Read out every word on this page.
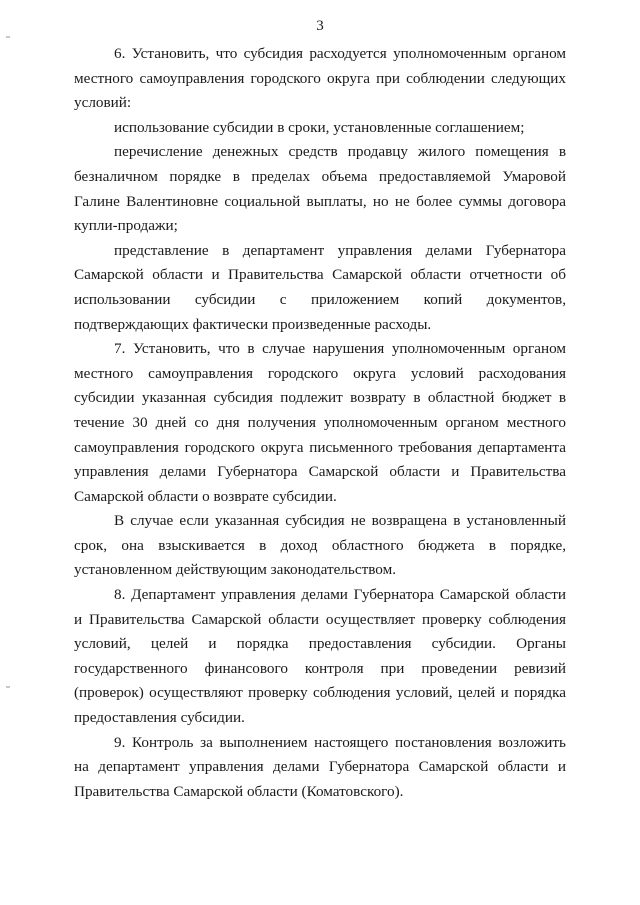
3

6. Установить, что субсидия расходуется уполномоченным органом местного самоуправления городского округа при соблюдении следующих условий:

использование субсидии в сроки, установленные соглашением;

перечисление денежных средств продавцу жилого помещения в безналичном порядке в пределах объема предоставляемой Умаровой Галине Валентиновне социальной выплаты, но не более суммы договора купли-продажи;

представление в департамент управления делами Губернатора Самарской области и Правительства Самарской области отчетности об использовании субсидии с приложением копий документов, подтверждающих фактически произведенные расходы.

7. Установить, что в случае нарушения уполномоченным органом местного самоуправления городского округа условий расходования субсидии указанная субсидия подлежит возврату в областной бюджет в течение 30 дней со дня получения уполномоченным органом местного самоуправления городского округа письменного требования департамента управления делами Губернатора Самарской области и Правительства Самарской области о возврате субсидии.

В случае если указанная субсидия не возвращена в установленный срок, она взыскивается в доход областного бюджета в порядке, установленном действующим законодательством.

8. Департамент управления делами Губернатора Самарской области и Правительства Самарской области осуществляет проверку соблюдения условий, целей и порядка предоставления субсидии. Органы государственного финансового контроля при проведении ревизий (проверок) осуществляют проверку соблюдения условий, целей и порядка предоставления субсидии.

9. Контроль за выполнением настоящего постановления возложить на департамент управления делами Губернатора Самарской области и Правительства Самарской области (Коматовского).
